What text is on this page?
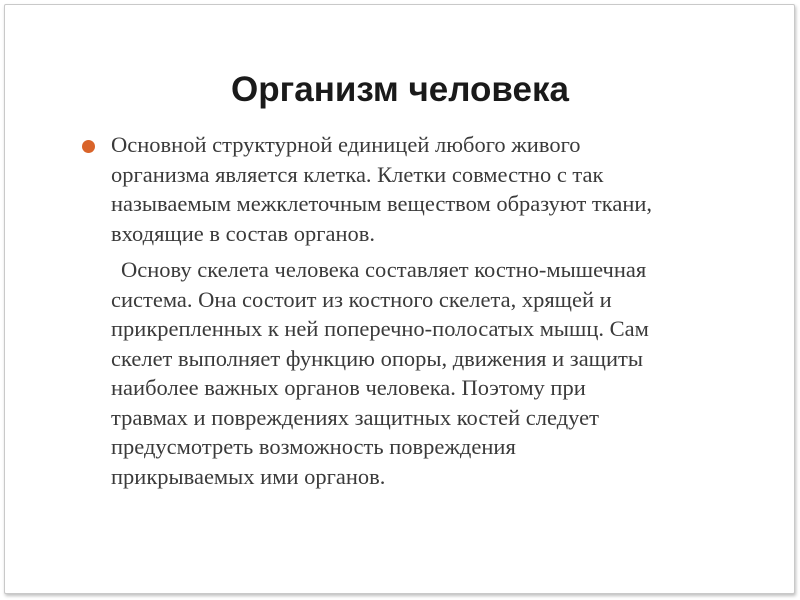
Организм человека

Основной структурной единицей любого живого
организма является клетка. Клетки совместно с так
называемым межклеточным веществом образуют ткани,
входящие в состав органов.

Основу скелета человека составляет костно-мышечная
система. Она состоит из костного скелета, хрящей и
прикрепленных к ней поперечно-полосатых мышц. Сам
скелет выполняет функцию опоры, движения и защиты
наиболее важных органов человека. Поэтому при
травмах и повреждениях защитных костей следует
предусмотреть возможность повреждения
прикрываемых ими органов.
